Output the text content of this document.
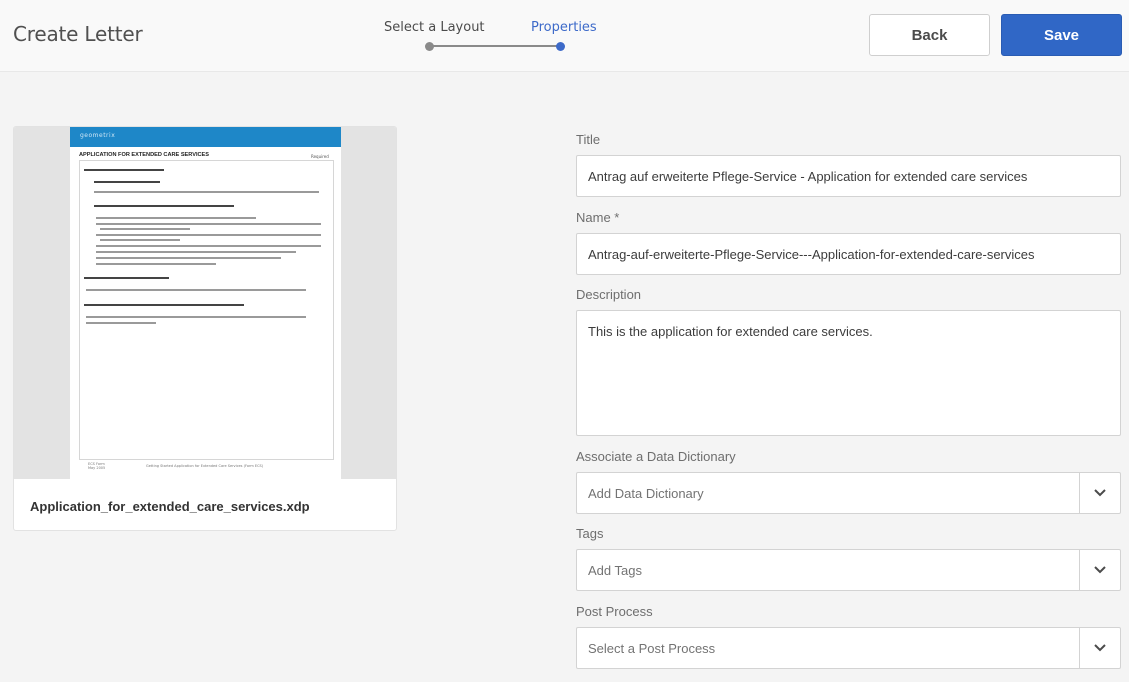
Create Letter	Select a Layout	Properties	Back	Save
geometrix
APPLICATION FOR EXTENDED CARE SERVICES	Required
ECS Form
May 2005	Getting Started Application for Extended Care Services (Form ECS)
Application_for_extended_care_services.xdp
Title
Antrag auf erweiterte Pflege-Service - Application for extended care services
Name *
Antrag-auf-erweiterte-Pflege-Service---Application-for-extended-care-services
Description
This is the application for extended care services.
Associate a Data Dictionary
Add Data Dictionary
Tags
Add Tags
Post Process
Select a Post Process
